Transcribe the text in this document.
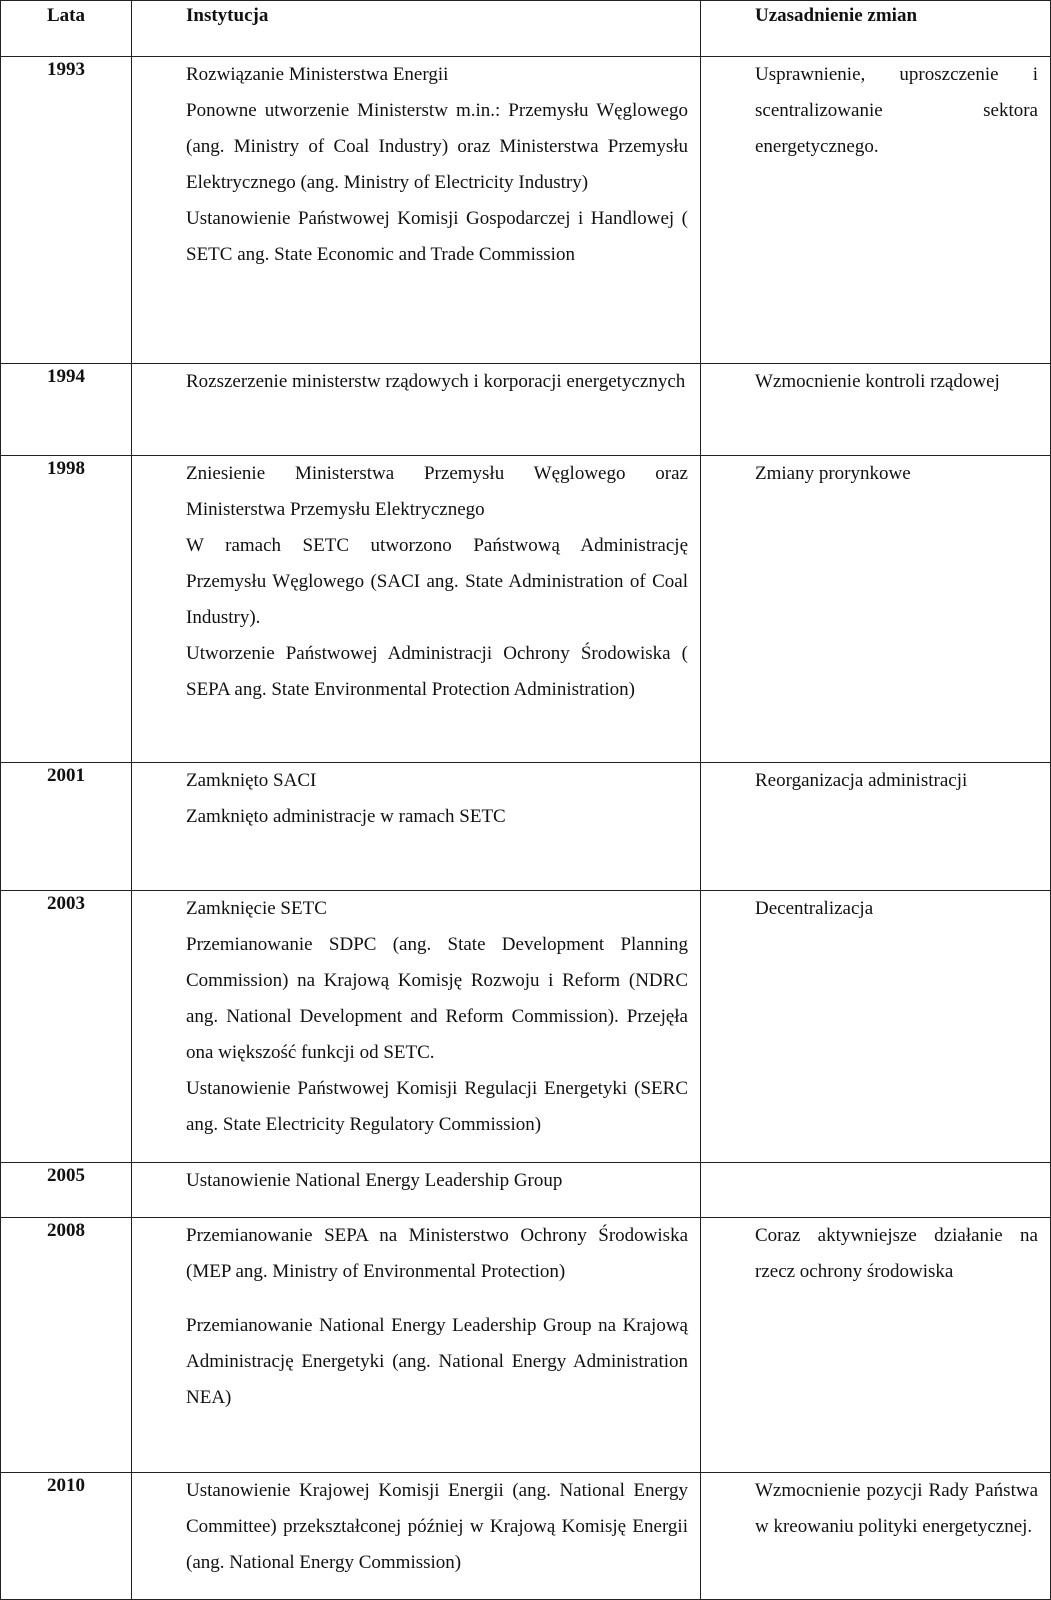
Lata	Instytucja	Uzasadnienie zmian
1993	Rozwiązanie Ministerstwa Energii

Ponowne utworzenie Ministerstw m.in.: Przemysłu Węglowego (ang. Ministry of Coal Industry) oraz Ministerstwa Przemysłu Elektrycznego (ang. Ministry of Electricity Industry)

Ustanowienie Państwowej Komisji Gospodarczej i Handlowej ( SETC ang. State Economic and Trade Commission	Usprawnienie, uproszczenie i scentralizowanie sektora energetycznego.

1994	Rozszerzenie ministerstw rządowych i korporacji energetycznych	Wzmocnienie kontroli rządowej

1998	Zniesienie Ministerstwa Przemysłu Węglowego oraz Ministerstwa Przemysłu Elektrycznego

W ramach SETC utworzono Państwową Administrację Przemysłu Węglowego (SACI ang. State Administration of Coal Industry).

Utworzenie Państwowej Administracji Ochrony Środowiska ( SEPA ang. State Environmental Protection Administration)	Zmiany prorynkowe

2001	Zamknięto SACI

Zamknięto administracje w ramach SETC	Reorganizacja administracji

2003	Zamknięcie SETC

Przemianowanie SDPC (ang. State Development Planning Commission) na Krajową Komisję Rozwoju i Reform (NDRC ang. National Development and Reform Commission). Przejęła ona większość funkcji od SETC.

Ustanowienie Państwowej Komisji Regulacji Energetyki (SERC ang. State Electricity Regulatory Commission)	Decentralizacja

2005	Ustanowienie National Energy Leadership Group	

2008	Przemianowanie SEPA na Ministerstwo Ochrony Środowiska (MEP ang. Ministry of Environmental Protection)

Przemianowanie National Energy Leadership Group na Krajową Administrację Energetyki (ang. National Energy Administration NEA)	Coraz aktywniejsze działanie na rzecz ochrony środowiska

2010	Ustanowienie Krajowej Komisji Energii (ang. National Energy Committee) przekształconej później w Krajową Komisję Energii (ang. National Energy Commission)	Wzmocnienie pozycji Rady Państwa w kreowaniu polityki energetycznej.
